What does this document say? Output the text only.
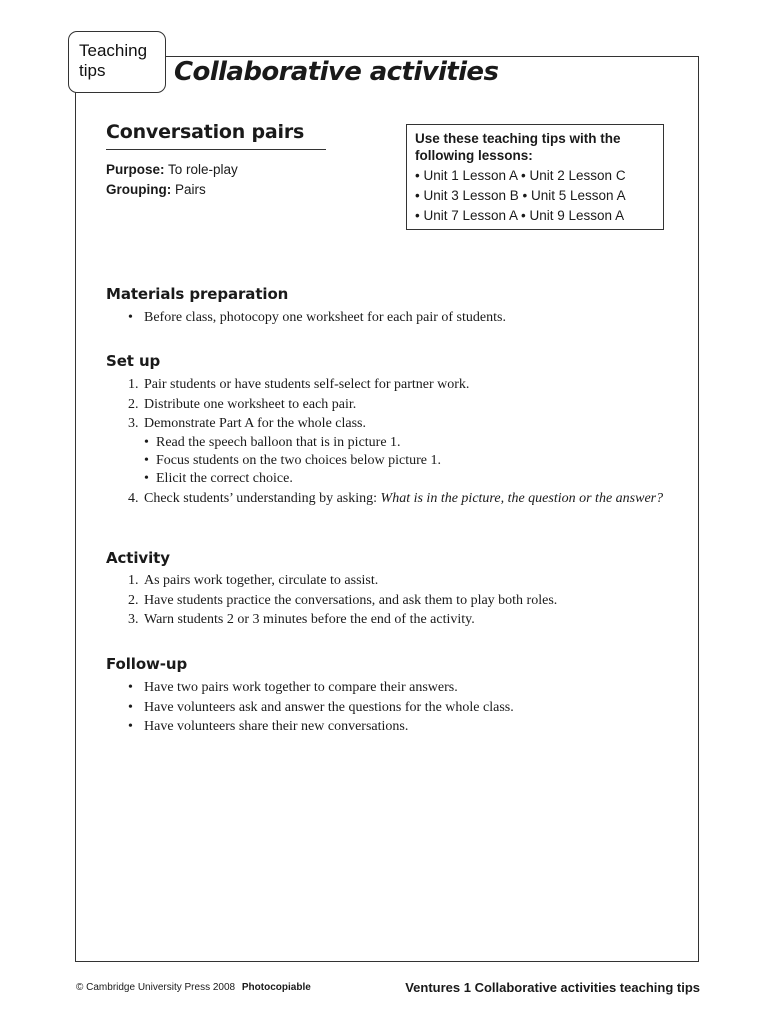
Teaching
tips	Collaborative activities
Conversation pairs
Purpose: To role-play
Grouping: Pairs
Use these teaching tips with the following lessons:
• Unit 1 Lesson A • Unit 2 Lesson C
• Unit 3 Lesson B • Unit 5 Lesson A
• Unit 7 Lesson A • Unit 9 Lesson A
Materials preparation
• Before class, photocopy one worksheet for each pair of students.
Set up
1. Pair students or have students self-select for partner work.
2. Distribute one worksheet to each pair.
3. Demonstrate Part A for the whole class.
• Read the speech balloon that is in picture 1.
• Focus students on the two choices below picture 1.
• Elicit the correct choice.
4. Check students’ understanding by asking: What is in the picture, the question or the answer?
Activity
1. As pairs work together, circulate to assist.
2. Have students practice the conversations, and ask them to play both roles.
3. Warn students 2 or 3 minutes before the end of the activity.
Follow-up
• Have two pairs work together to compare their answers.
• Have volunteers ask and answer the questions for the whole class.
• Have volunteers share their new conversations.
© Cambridge University Press 2008 Photocopiable	Ventures 1 Collaborative activities teaching tips
